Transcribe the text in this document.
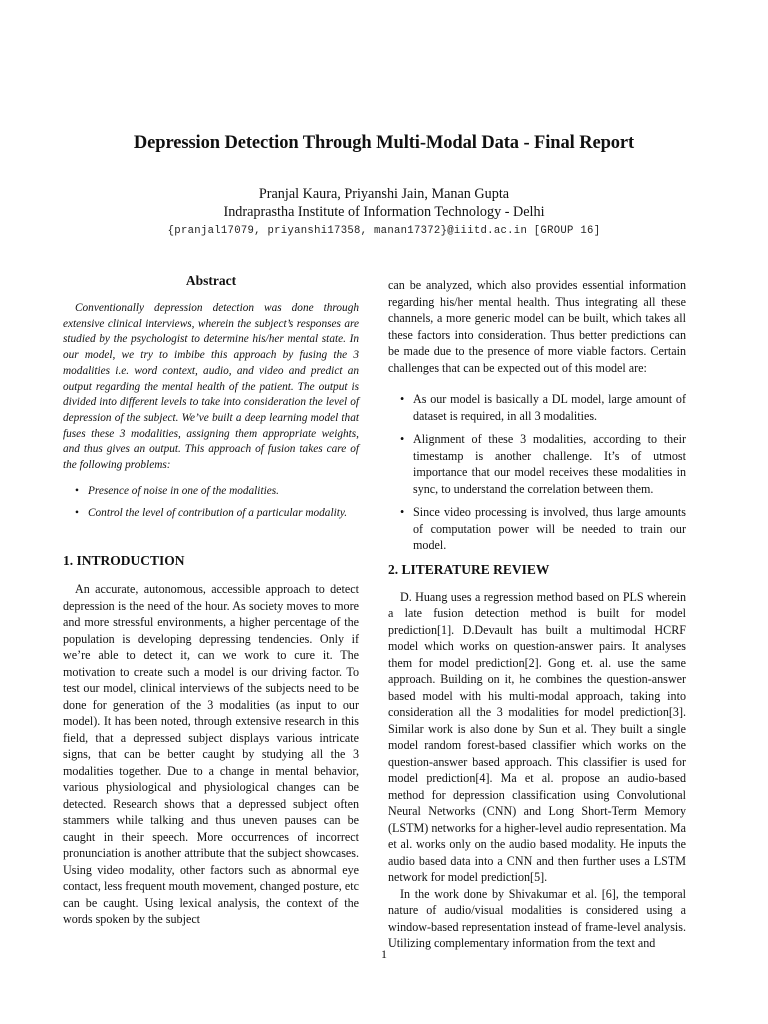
Depression Detection Through Multi-Modal Data - Final Report

Pranjal Kaura, Priyanshi Jain, Manan Gupta

Indraprastha Institute of Information Technology - Delhi

{pranjal17079, priyanshi17358, manan17372}@iiitd.ac.in [GROUP 16]

Abstract

Conventionally depression detection was done through extensive clinical interviews, wherein the subject’s responses are studied by the psychologist to determine his/her mental state. In our model, we try to imbibe this approach by fusing the 3 modalities i.e. word context, audio, and video and predict an output regarding the mental health of the patient. The output is divided into different levels to take into consideration the level of depression of the subject. We’ve built a deep learning model that fuses these 3 modalities, assigning them appropriate weights, and thus gives an output. This approach of fusion takes care of the following problems:

• Presence of noise in one of the modalities.
• Control the level of contribution of a particular modality.
1. INTRODUCTION

An accurate, autonomous, accessible approach to detect depression is the need of the hour. As society moves to more and more stressful environments, a higher percentage of the population is developing depressing tendencies. Only if we’re able to detect it, can we work to cure it. The motivation to create such a model is our driving factor. To test our model, clinical interviews of the subjects need to be done for generation of the 3 modalities (as input to our model). It has been noted, through extensive research in this field, that a depressed subject displays various intricate signs, that can be better caught by studying all the 3 modalities together. Due to a change in mental behavior, various physiological and physiological changes can be detected. Research shows that a depressed subject often stammers while talking and thus uneven pauses can be caught in their speech. More occurrences of incorrect pronunciation is another attribute that the subject showcases. Using video modality, other factors such as abnormal eye contact, less frequent mouth movement, changed posture, etc can be caught. Using lexical analysis, the context of the words spoken by the subject

can be analyzed, which also provides essential information regarding his/her mental health. Thus integrating all these channels, a more generic model can be built, which takes all these factors into consideration. Thus better predictions can be made due to the presence of more viable factors. Certain challenges that can be expected out of this model are:

• As our model is basically a DL model, large amount of dataset is required, in all 3 modalities.
• Alignment of these 3 modalities, according to their timestamp is another challenge. It’s of utmost importance that our model receives these modalities in sync, to understand the correlation between them.
• Since video processing is involved, thus large amounts of computation power will be needed to train our model.
2. LITERATURE REVIEW

D. Huang uses a regression method based on PLS wherein a late fusion detection method is built for model prediction[1]. D.Devault has built a multimodal HCRF model which works on question-answer pairs. It analyses them for model prediction[2]. Gong et. al. use the same approach. Building on it, he combines the question-answer based model with his multi-modal approach, taking into consideration all the 3 modalities for model prediction[3]. Similar work is also done by Sun et al. They built a single model random forest-based classifier which works on the question-answer based approach. This classifier is used for model prediction[4]. Ma et al. propose an audio-based method for depression classification using Convolutional Neural Networks (CNN) and Long Short-Term Memory (LSTM) networks for a higher-level audio representation. Ma et al. works only on the audio based modality. He inputs the audio based data into a CNN and then further uses a LSTM network for model prediction[5].

In the work done by Shivakumar et al. [6], the temporal nature of audio/visual modalities is considered using a window-based representation instead of frame-level analysis. Utilizing complementary information from the text and

1
